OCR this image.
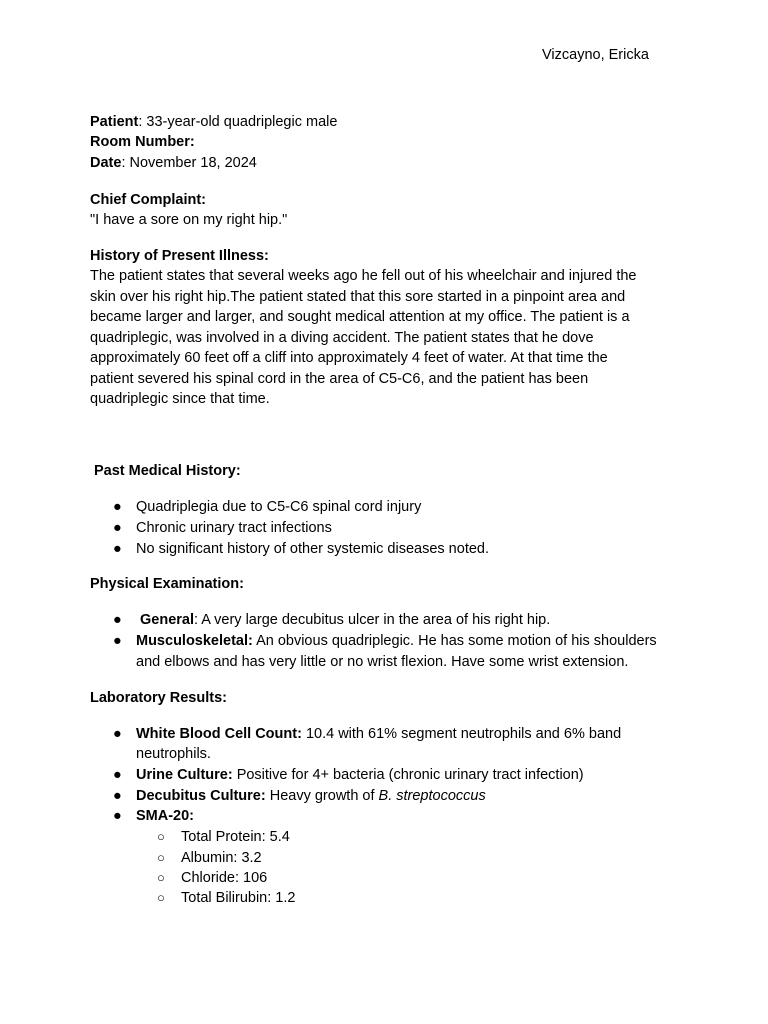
Vizcayno, Ericka
Patient: 33-year-old quadriplegic male
Room Number:
Date: November 18, 2024
Chief Complaint:
"I have a sore on my right hip."
History of Present Illness:
The patient states that several weeks ago he fell out of his wheelchair and injured the
skin over his right hip.The patient stated that this sore started in a pinpoint area and
became larger and larger, and sought medical attention at my office. The patient is a
quadriplegic, was involved in a diving accident. The patient states that he dove
approximately 60 feet off a cliff into approximately 4 feet of water. At that time the
patient severed his spinal cord in the area of C5-C6, and the patient has been
quadriplegic since that time.
Past Medical History:
● Quadriplegia due to C5-C6 spinal cord injury
● Chronic urinary tract infections
● No significant history of other systemic diseases noted.
Physical Examination:
● General: A very large decubitus ulcer in the area of his right hip.
● Musculoskeletal: An obvious quadriplegic. He has some motion of his shoulders
and elbows and has very little or no wrist flexion. Have some wrist extension.
Laboratory Results:
● White Blood Cell Count: 10.4 with 61% segment neutrophils and 6% band
neutrophils.
● Urine Culture: Positive for 4+ bacteria (chronic urinary tract infection)
● Decubitus Culture: Heavy growth of B. streptococcus
● SMA-20:
○ Total Protein: 5.4
○ Albumin: 3.2
○ Chloride: 106
○ Total Bilirubin: 1.2
